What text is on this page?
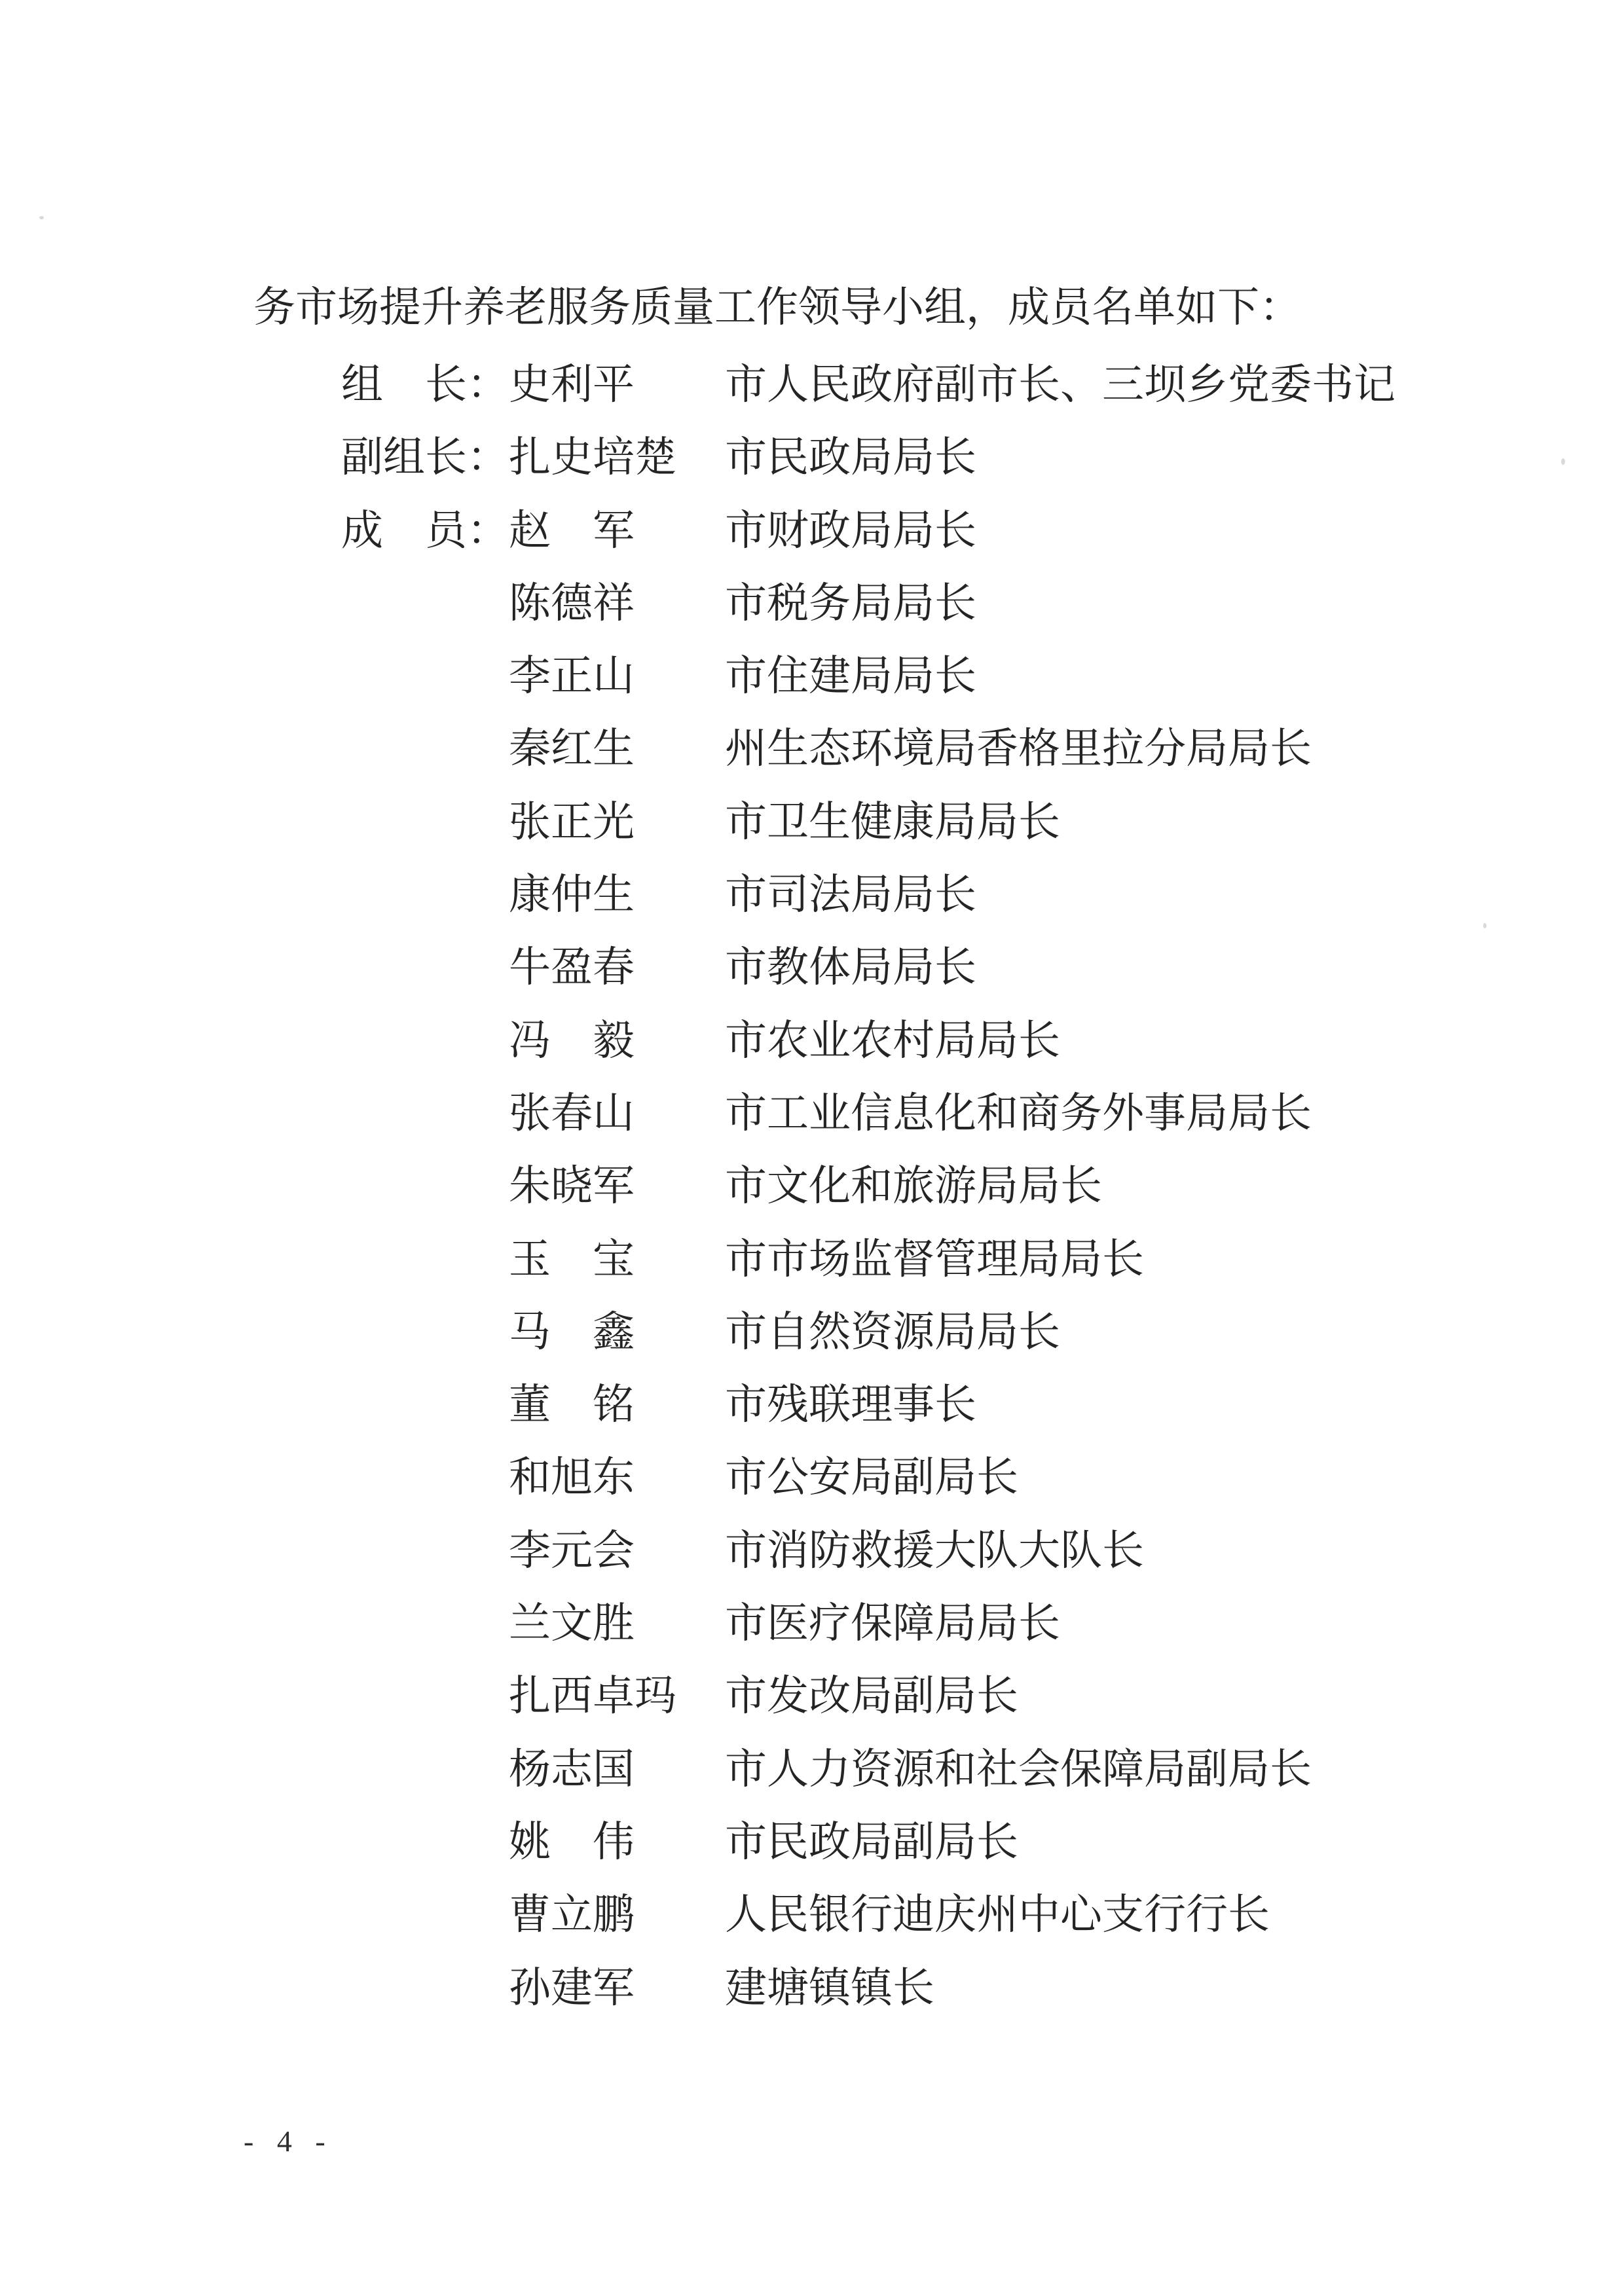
务市场提升养老服务质量工作领导小组，成员名单如下：
组　长： 史利平	市人民政府副市长、三坝乡党委书记
副组长： 扎史培楚	市民政局局长
成　员： 赵　军	市财政局局长
陈德祥	市税务局局长
李正山	市住建局局长
秦红生	州生态环境局香格里拉分局局长
张正光	市卫生健康局局长
康仲生	市司法局局长
牛盈春	市教体局局长
冯　毅	市农业农村局局长
张春山	市工业信息化和商务外事局局长
朱晓军	市文化和旅游局局长
玉　宝	市市场监督管理局局长
马　鑫	市自然资源局局长
董　铭	市残联理事长
和旭东	市公安局副局长
李元会	市消防救援大队大队长
兰文胜	市医疗保障局局长
扎西卓玛	市发改局副局长
杨志国	市人力资源和社会保障局副局长
姚　伟	市民政局副局长
曹立鹏	人民银行迪庆州中心支行行长
孙建军	建塘镇镇长
- 4 -
